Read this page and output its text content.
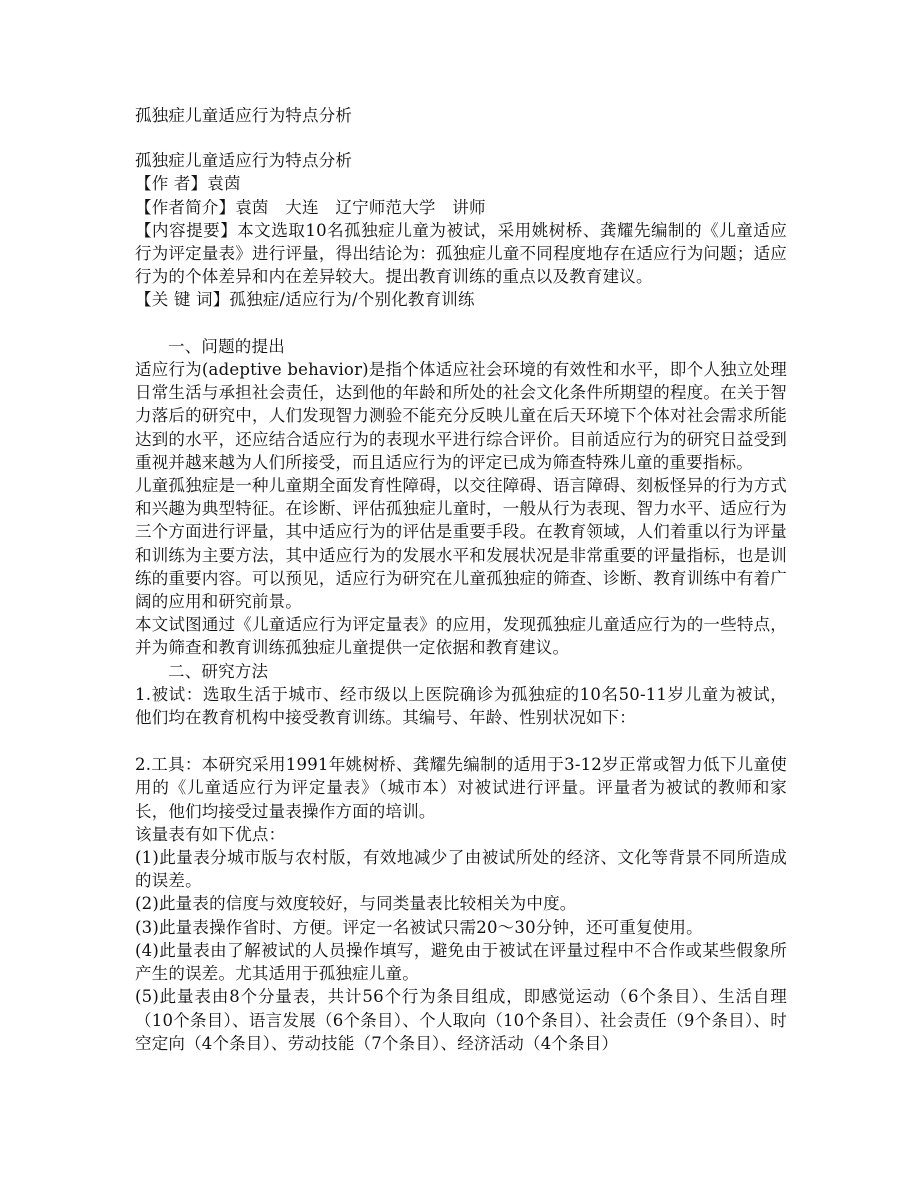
孤独症儿童适应行为特点分析

孤独症儿童适应行为特点分析

【作 者】袁茵

【作者简介】袁茵　大连　辽宁师范大学　讲师

【内容提要】本文选取10名孤独症儿童为被试，采用姚树桥、龚耀先编制的《儿童适应行为评定量表》进行评量，得出结论为：孤独症儿童不同程度地存在适应行为问题；适应行为的个体差异和内在差异较大。提出教育训练的重点以及教育建议。

【关 键 词】孤独症/适应行为/个别化教育训练

一、问题的提出

适应行为(adeptive behavior)是指个体适应社会环境的有效性和水平，即个人独立处理日常生活与承担社会责任，达到他的年龄和所处的社会文化条件所期望的程度。在关于智力落后的研究中，人们发现智力测验不能充分反映儿童在后天环境下个体对社会需求所能达到的水平，还应结合适应行为的表现水平进行综合评价。目前适应行为的研究日益受到重视并越来越为人们所接受，而且适应行为的评定已成为筛查特殊儿童的重要指标。

儿童孤独症是一种儿童期全面发育性障碍，以交往障碍、语言障碍、刻板怪异的行为方式和兴趣为典型特征。在诊断、评估孤独症儿童时，一般从行为表现、智力水平、适应行为三个方面进行评量，其中适应行为的评估是重要手段。在教育领域，人们着重以行为评量和训练为主要方法，其中适应行为的发展水平和发展状况是非常重要的评量指标，也是训练的重要内容。可以预见，适应行为研究在儿童孤独症的筛查、诊断、教育训练中有着广阔的应用和研究前景。

本文试图通过《儿童适应行为评定量表》的应用，发现孤独症儿童适应行为的一些特点，并为筛查和教育训练孤独症儿童提供一定依据和教育建议。

二、研究方法

1.被试：选取生活于城市、经市级以上医院确诊为孤独症的10名50-11岁儿童为被试，他们均在教育机构中接受教育训练。其编号、年龄、性别状况如下：

2.工具：本研究采用1991年姚树桥、龚耀先编制的适用于3-12岁正常或智力低下儿童使用的《儿童适应行为评定量表》（城市本）对被试进行评量。评量者为被试的教师和家长，他们均接受过量表操作方面的培训。

该量表有如下优点：

(1)此量表分城市版与农村版，有效地减少了由被试所处的经济、文化等背景不同所造成的误差。

(2)此量表的信度与效度较好，与同类量表比较相关为中度。

(3)此量表操作省时、方便。评定一名被试只需20～30分钟，还可重复使用。

(4)此量表由了解被试的人员操作填写，避免由于被试在评量过程中不合作或某些假象所产生的误差。尤其适用于孤独症儿童。

(5)此量表由8个分量表，共计56个行为条目组成，即感觉运动（6个条目）、生活自理（10个条目）、语言发展（6个条目）、个人取向（10个条目）、社会责任（9个条目）、时空定向（4个条目）、劳动技能（7个条目）、经济活动（4个条目）
